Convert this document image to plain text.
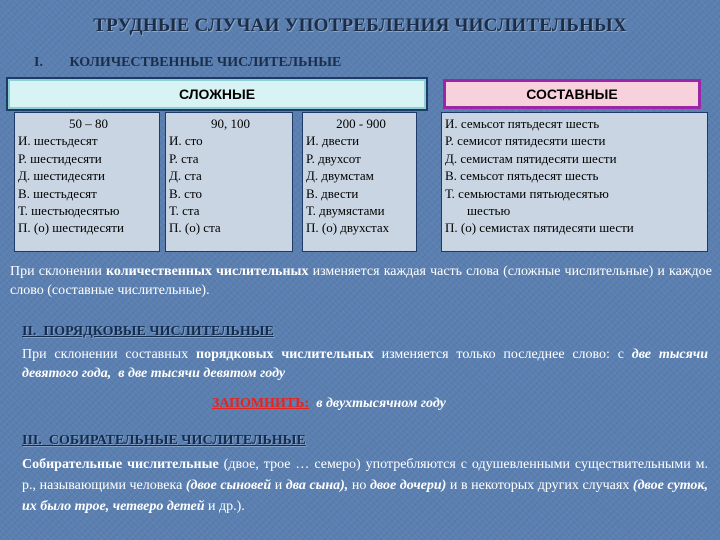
ТРУДНЫЕ СЛУЧАИ УПОТРЕБЛЕНИЯ ЧИСЛИТЕЛЬНЫХ
I. КОЛИЧЕСТВЕННЫЕ ЧИСЛИТЕЛЬНЫЕ
СЛОЖНЫЕ	СОСТАВНЫЕ
50 – 80
И. шестьдесят
Р. шестидесяти
Д. шестидесяти
В. шестьдесят
Т. шестьюдесятью
П. (о) шестидесяти
90, 100
И. сто
Р. ста
Д. ста
В. сто
Т. ста
П. (о) ста
200 - 900
И. двести
Р. двухсот
Д. двумстам
В. двести
Т. двумястами
П. (о) двухстах
И. семьсот пятьдесят шесть
Р. семисот пятидесяти шести
Д. семистам пятидесяти шести
В. семьсот пятьдесят шесть
Т. семьюстами пятьюдесятью
шестью
П. (о) семистах пятидесяти шести
При склонении количественных числительных изменяется каждая часть слова (сложные числительные) и каждое слово (составные числительные).
II.  ПОРЯДКОВЫЕ ЧИСЛИТЕЛЬНЫЕ
При склонении составных порядковых числительных изменяется только последнее слово: с две тысячи девятого года,  в две тысячи девятом году
ЗАПОМНИТЬ: в двухтысячном году
III.  СОБИРАТЕЛЬНЫЕ ЧИСЛИТЕЛЬНЫЕ
Собирательные числительные (двое, трое … семеро) употребляются с одушевленными существительными м. р., называющими человека (двое сыновей и два сына), но двое дочери) и в некоторых других случаях (двое суток, их было трое, четверо детей и др.).
